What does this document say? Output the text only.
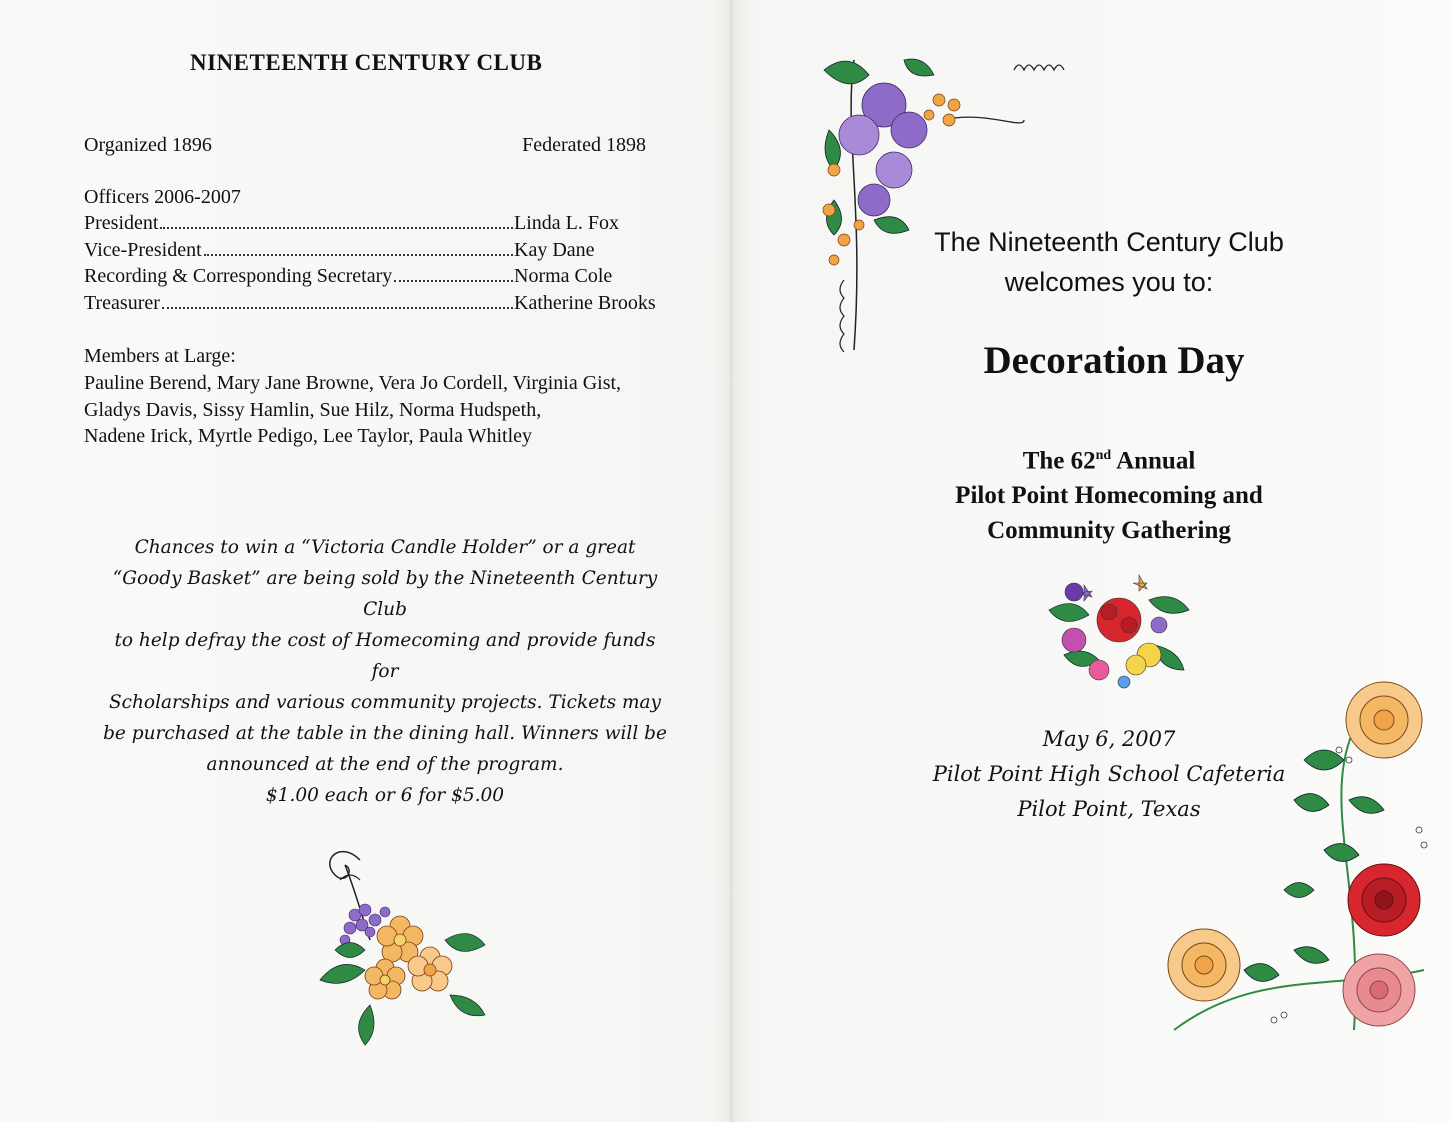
NINETEENTH CENTURY CLUB
Organized 1896	Federated 1898
Officers 2006-2007
President	Linda L. Fox
Vice-President	Kay Dane
Recording & Corresponding Secretary	Norma Cole
Treasurer	Katherine Brooks
Members at Large:
Pauline Berend, Mary Jane Browne, Vera Jo Cordell, Virginia Gist,
Gladys Davis, Sissy Hamlin, Sue Hilz, Norma Hudspeth,
Nadene Irick, Myrtle Pedigo, Lee Taylor, Paula Whitley
Chances to win a “Victoria Candle Holder” or a great
“Goody Basket” are being sold by the Nineteenth Century Club
to help defray the cost of Homecoming and provide funds for
Scholarships and various community projects. Tickets may
be purchased at the table in the dining hall. Winners will be
announced at the end of the program.
$1.00 each or 6 for $5.00
The Nineteenth Century Club
welcomes you to:
Decoration Day
The 62nd Annual
Pilot Point Homecoming and
Community Gathering
May 6, 2007
Pilot Point High School Cafeteria
Pilot Point, Texas
